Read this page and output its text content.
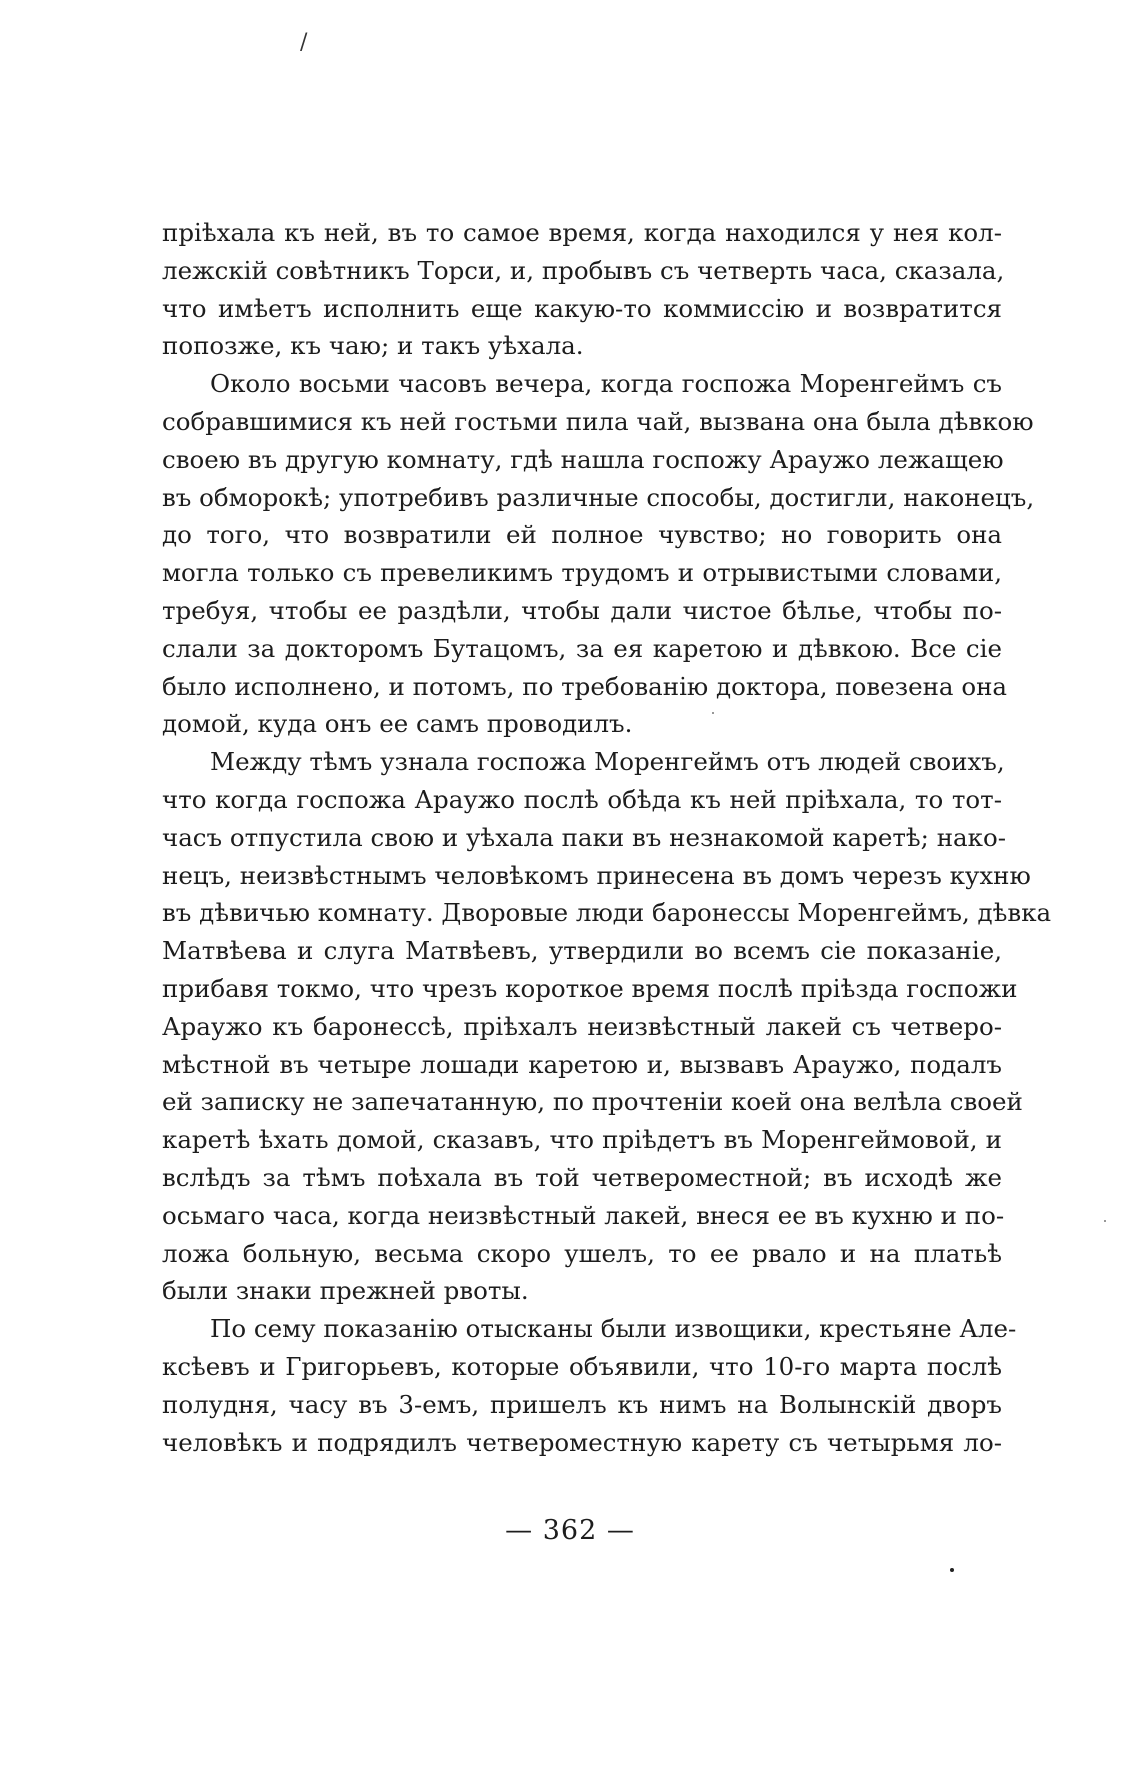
/
прiѣхала къ ней, въ то самое время, когда находился у нея кол-
лежскiй совѣтникъ Торси, и, пробывъ съ четверть часа, сказала,
что имѣетъ исполнить еще какую-то коммиссiю и возвратится
попозже, къ чаю; и такъ уѣхала.
Около восьми часовъ вечера, когда госпожа Моренгеймъ съ
собравшимися къ ней гостьми пила чай, вызвана она была дѣвкою
своею въ другую комнату, гдѣ нашла госпожу Араужо лежащею
въ обморокѣ; употребивъ различные способы, достигли, наконецъ,
до того, что возвратили ей полное чувство; но говорить она
могла только съ превеликимъ трудомъ и отрывистыми словами,
требуя, чтобы ее раздѣли, чтобы дали чистое бѣлье, чтобы по-
слали за докторомъ Бутацомъ, за ея каретою и дѣвкою. Все сiе
было исполнено, и потомъ, по требованiю доктора, повезена она
домой, куда онъ ее самъ проводилъ.
Между тѣмъ узнала госпожа Моренгеймъ отъ людей своихъ,
что когда госпожа Араужо послѣ обѣда къ ней прiѣхала, то тот-
часъ отпустила свою и уѣхала паки въ незнакомой каретѣ; нако-
нецъ, неизвѣстнымъ человѣкомъ принесена въ домъ черезъ кухню
въ дѣвичью комнату. Дворовые люди баронессы Моренгеймъ, дѣвка
Матвѣева и слуга Матвѣевъ, утвердили во всемъ сiе показанiе,
прибавя токмо, что чрезъ короткое время послѣ прiѣзда госпожи
Араужо къ баронессѣ, прiѣхалъ неизвѣстный лакей съ четверо-
мѣстной въ четыре лошади каретою и, вызвавъ Араужо, подалъ
ей записку не запечатанную, по прочтенiи коей она велѣла своей
каретѣ ѣхать домой, сказавъ, что прiѣдетъ въ Моренгеймовой, и
вслѣдъ за тѣмъ поѣхала въ той четвероместной; въ исходѣ же
осьмаго часа, когда неизвѣстный лакей, внеся ее въ кухню и по-
ложа больную, весьма скоро ушелъ, то ее рвало и на платьѣ
были знаки прежней рвоты.
По сему показанiю отысканы были извощики, крестьяне Але-
ксѣевъ и Григорьевъ, которые объявили, что 10-го марта послѣ
полудня, часу въ 3-емъ, пришелъ къ нимъ на Волынскiй дворъ
человѣкъ и подрядилъ четвероместную карету съ четырьмя ло-
— 362 —
